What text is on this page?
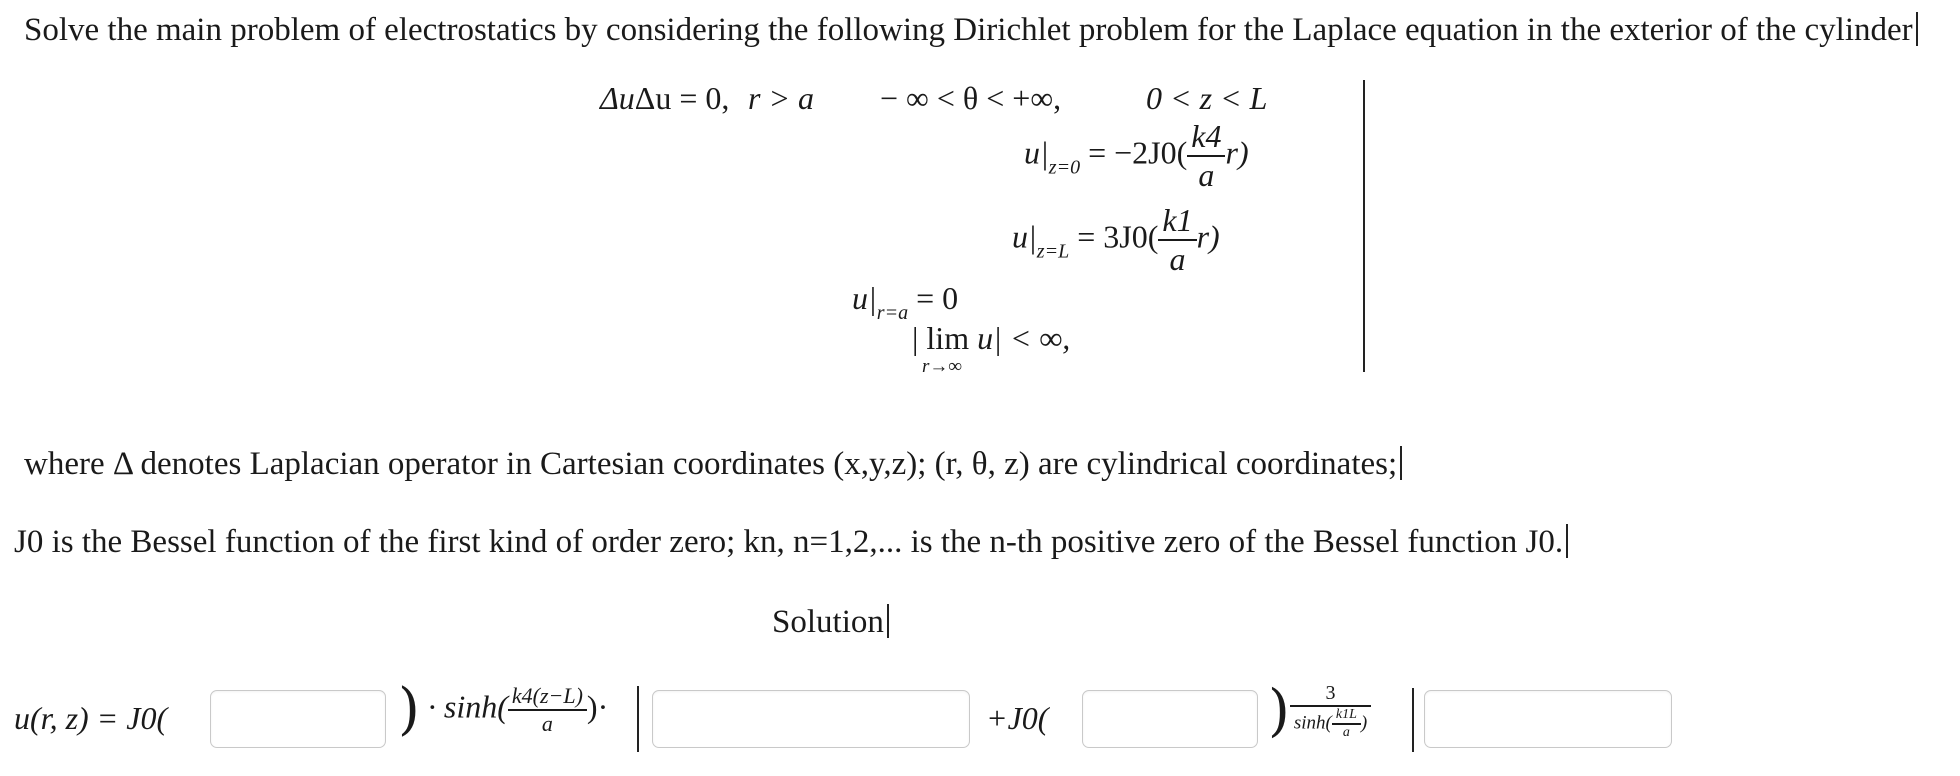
Solve the main problem of electrostatics by considering the following Dirichlet problem for the Laplace equation in the exterior of the cylinder
ΔuΔu = 0, r > a − ∞ < θ < +∞,	0 < z < L
$u|_{z=0} = -2J0( \frac{k4}{a} r)$
$u|_{z=L} = 3J0( \frac{k1}{a} r)$
$u|_{r=a} = 0$
| lim u| < ∞,
r→∞
where Δ denotes Laplacian operator in Cartesian coordinates (x,y,z); (r, θ, z) are cylindrical coordinates;
J0 is the Bessel function of the first kind of order zero; kn, n=1,2,... is the n-th positive zero of the Bessel function J0.
Solution
u(r, z) = J0(	) · $\sinh( \frac{k4(z-L)}{a}$ )·	+J0(	) $\frac{3}{\sinh( \frac{k1L}{a} )}$
